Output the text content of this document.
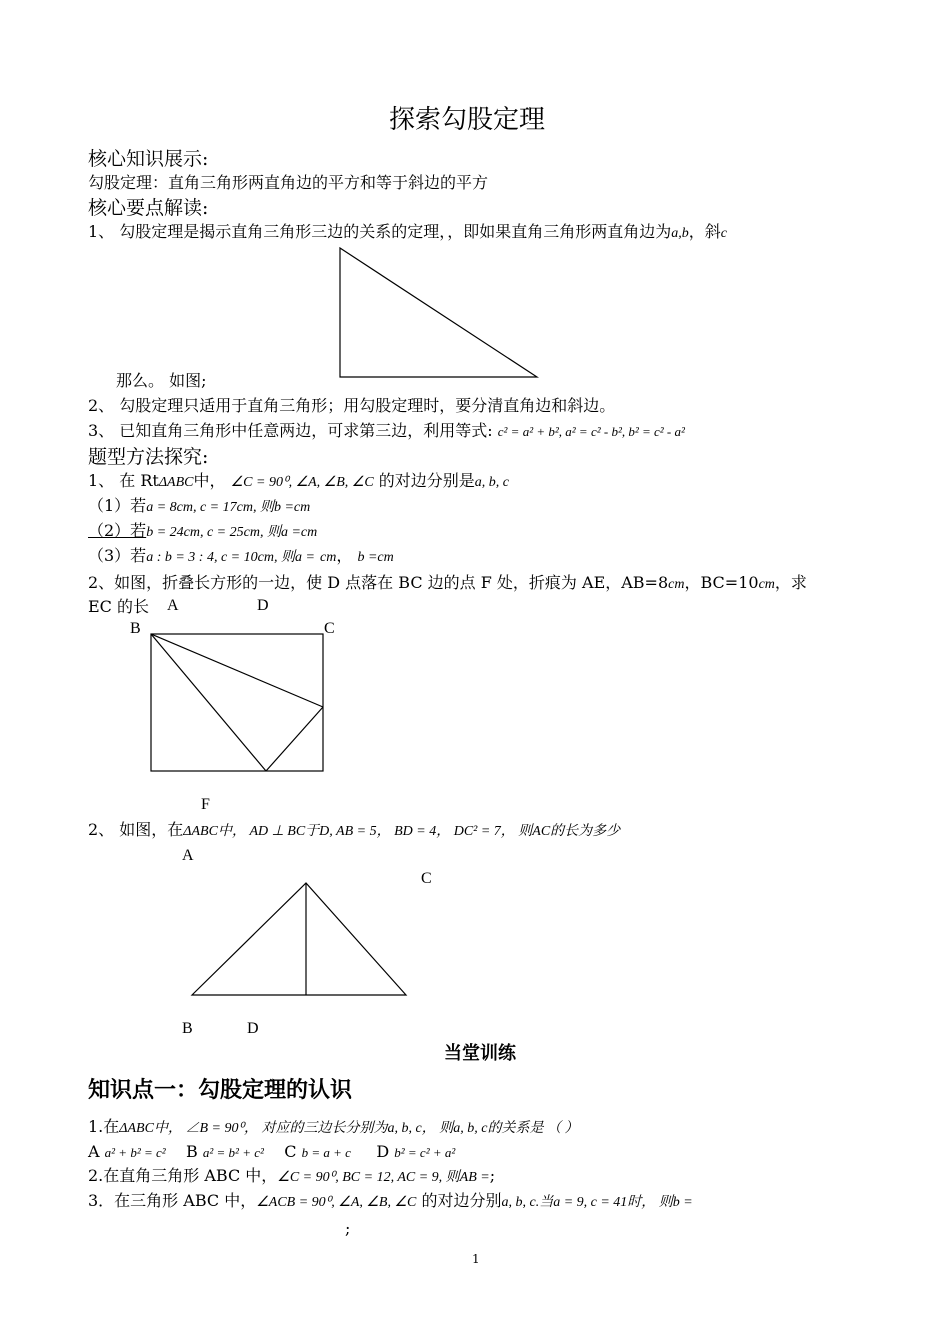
探索勾股定理
核心知识展示:
勾股定理：直角三角形两直角边的平方和等于斜边的平方
核心要点解读:
1、 勾股定理是揭示直角三角形三边的关系的定理，，即如果直角三角形两直角边为a,b，斜c
那么。 如图;
2、 勾股定理只适用于直角三角形；用勾股定理时，要分清直角边和斜边。
3、 已知直角三角形中任意两边，可求第三边，利用等式: c² = a² + b², a² = c² - b², b² = c² - a²
题型方法探究:
1、 在 RtΔABC中， ∠C = 90⁰, ∠A, ∠B, ∠C 的对边分别是a, b, c
（1）若a = 8cm, c = 17cm, 则b =cm
（2）若b = 24cm, c = 25cm, 则a =cm
（3）若a : b = 3 : 4, c = 10cm, 则a = cm， b =cm
2、如图，折叠长方形的一边，使 D 点落在 BC 边的点 F 处，折痕为 AE，AB=8cm，BC=10cm，求
EC 的长 A	D
B	C
F
2、 如图，在ΔABC中， AD ⊥ BC于D, AB = 5， BD = 4， DC² = 7， 则AC的长为多少
A
C
B	D
当堂训练
知识点一：勾股定理的认识
1.在ΔABC中， ∠B = 90⁰， 对应的三边长分别为a, b, c， 则a, b, c的关系是 （ ）
A a² + b² = c² B a² = b² + c² C b = a + c D b² = c² + a²
2.在直角三角形 ABC 中，∠C = 90⁰, BC = 12, AC = 9, 则AB =;
3．在三角形 ABC 中，∠ACB = 90⁰, ∠A, ∠B, ∠C 的对边分别a, b, c.当a = 9, c = 41时， 则b =
;
1
